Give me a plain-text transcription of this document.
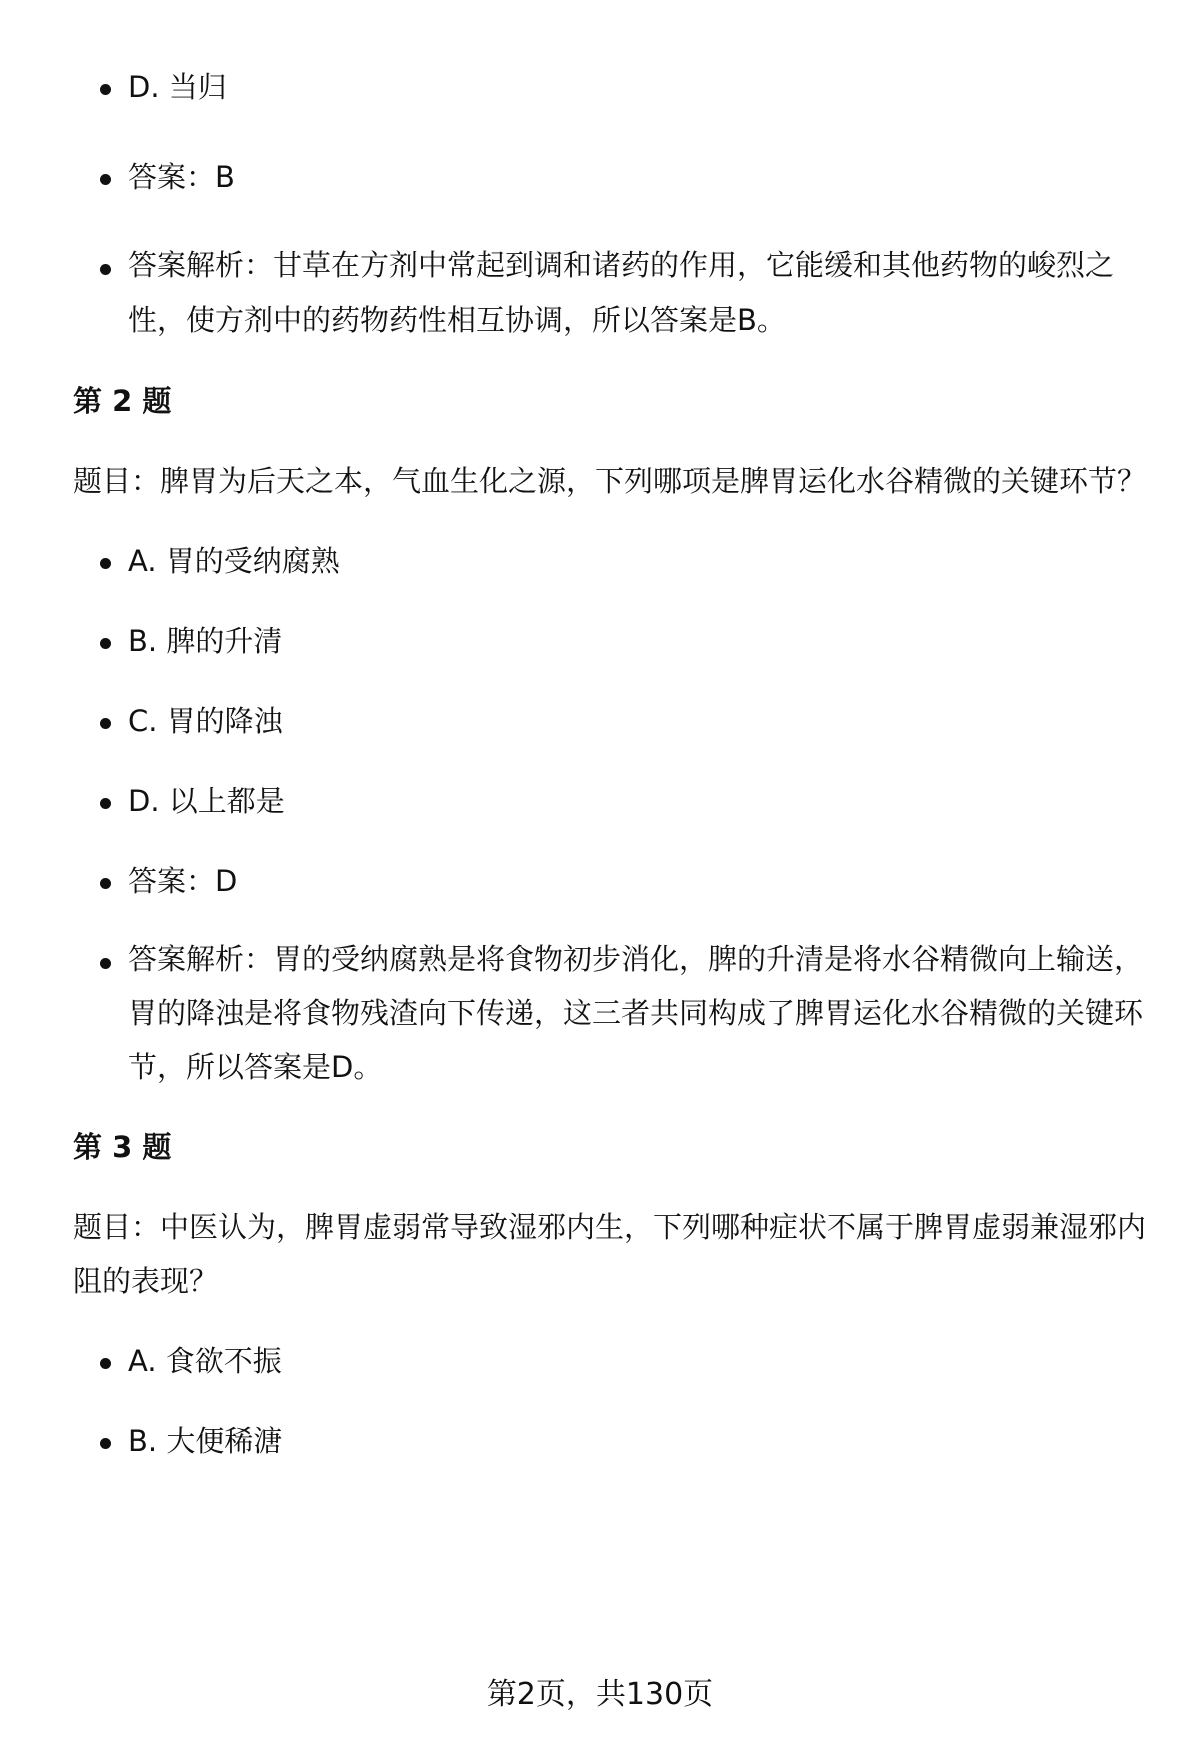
D. 当归
答案：B
答案解析：甘草在方剂中常起到调和诸药的作用，它能缓和其他药物的峻烈之性，使方剂中的药物药性相互协调，所以答案是B。
第 2 题
题目：脾胃为后天之本，气血生化之源，下列哪项是脾胃运化水谷精微的关键环节？
A. 胃的受纳腐熟
B. 脾的升清
C. 胃的降浊
D. 以上都是
答案：D
答案解析：胃的受纳腐熟是将食物初步消化，脾的升清是将水谷精微向上输送，胃的降浊是将食物残渣向下传递，这三者共同构成了脾胃运化水谷精微的关键环节，所以答案是D。
第 3 题
题目：中医认为，脾胃虚弱常导致湿邪内生，下列哪种症状不属于脾胃虚弱兼湿邪内阻的表现？
A. 食欲不振
B. 大便稀溏
第2页，共130页
